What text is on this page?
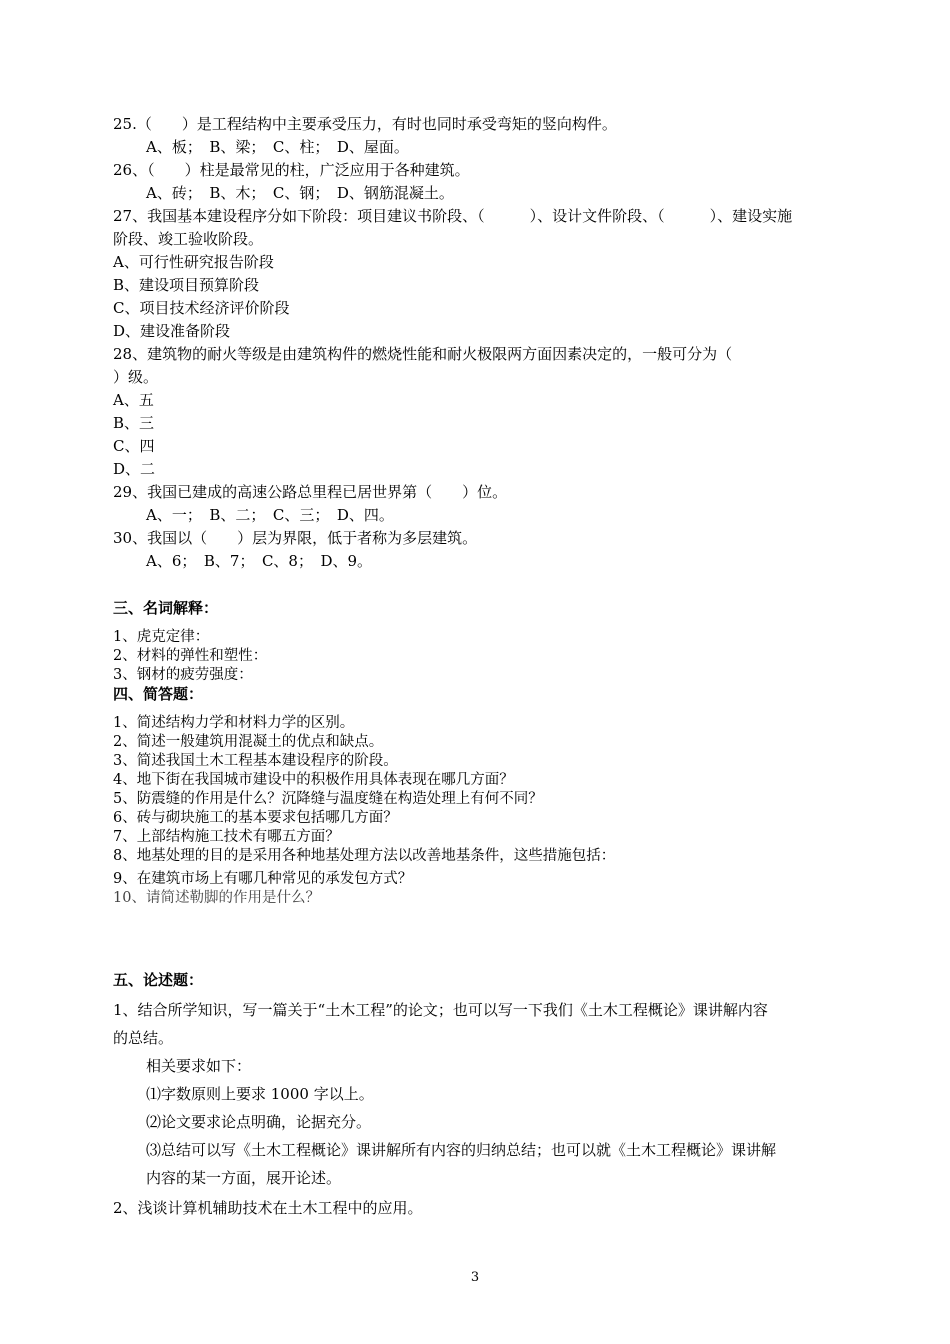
25.（　　）是工程结构中主要承受压力，有时也同时承受弯矩的竖向构件。
A、板；　B、梁；　C、柱；　D、屋面。
26、（　　）柱是最常见的柱，广泛应用于各种建筑。
A、砖；　B、木；　C、钢；　D、钢筋混凝土。
27、我国基本建设程序分如下阶段：项目建议书阶段、（　　　）、设计文件阶段、（　　　）、建设实施
阶段、竣工验收阶段。
A、可行性研究报告阶段
B、建设项目预算阶段
C、项目技术经济评价阶段
D、建设准备阶段
28、建筑物的耐火等级是由建筑构件的燃烧性能和耐火极限两方面因素决定的，一般可分为（
）级。
A、五
B、三
C、四
D、二
29、我国已建成的高速公路总里程已居世界第（　　）位。
A、一；　B、二；　C、三；　D、四。
30、我国以（　　）层为界限，低于者称为多层建筑。
A、6；　B、7；　C、8；　D、9。
三、名词解释：
1、虎克定律：
2、材料的弹性和塑性：
3、钢材的疲劳强度：
四、简答题：
1、简述结构力学和材料力学的区别。
2、简述一般建筑用混凝土的优点和缺点。
3、简述我国土木工程基本建设程序的阶段。
4、地下街在我国城市建设中的积极作用具体表现在哪几方面？
5、防震缝的作用是什么？沉降缝与温度缝在构造处理上有何不同？
6、砖与砌块施工的基本要求包括哪几方面？
7、上部结构施工技术有哪五方面？
8、地基处理的目的是采用各种地基处理方法以改善地基条件，这些措施包括：
9、在建筑市场上有哪几种常见的承发包方式？
10、请简述勒脚的作用是什么？
五、论述题：
1、结合所学知识，写一篇关于“土木工程”的论文；也可以写一下我们《土木工程概论》课讲解内容
的总结。
相关要求如下：
⑴字数原则上要求 1000 字以上。
⑵论文要求论点明确，论据充分。
⑶总结可以写《土木工程概论》课讲解所有内容的归纳总结；也可以就《土木工程概论》课讲解
内容的某一方面，展开论述。
2、浅谈计算机辅助技术在土木工程中的应用。
3
